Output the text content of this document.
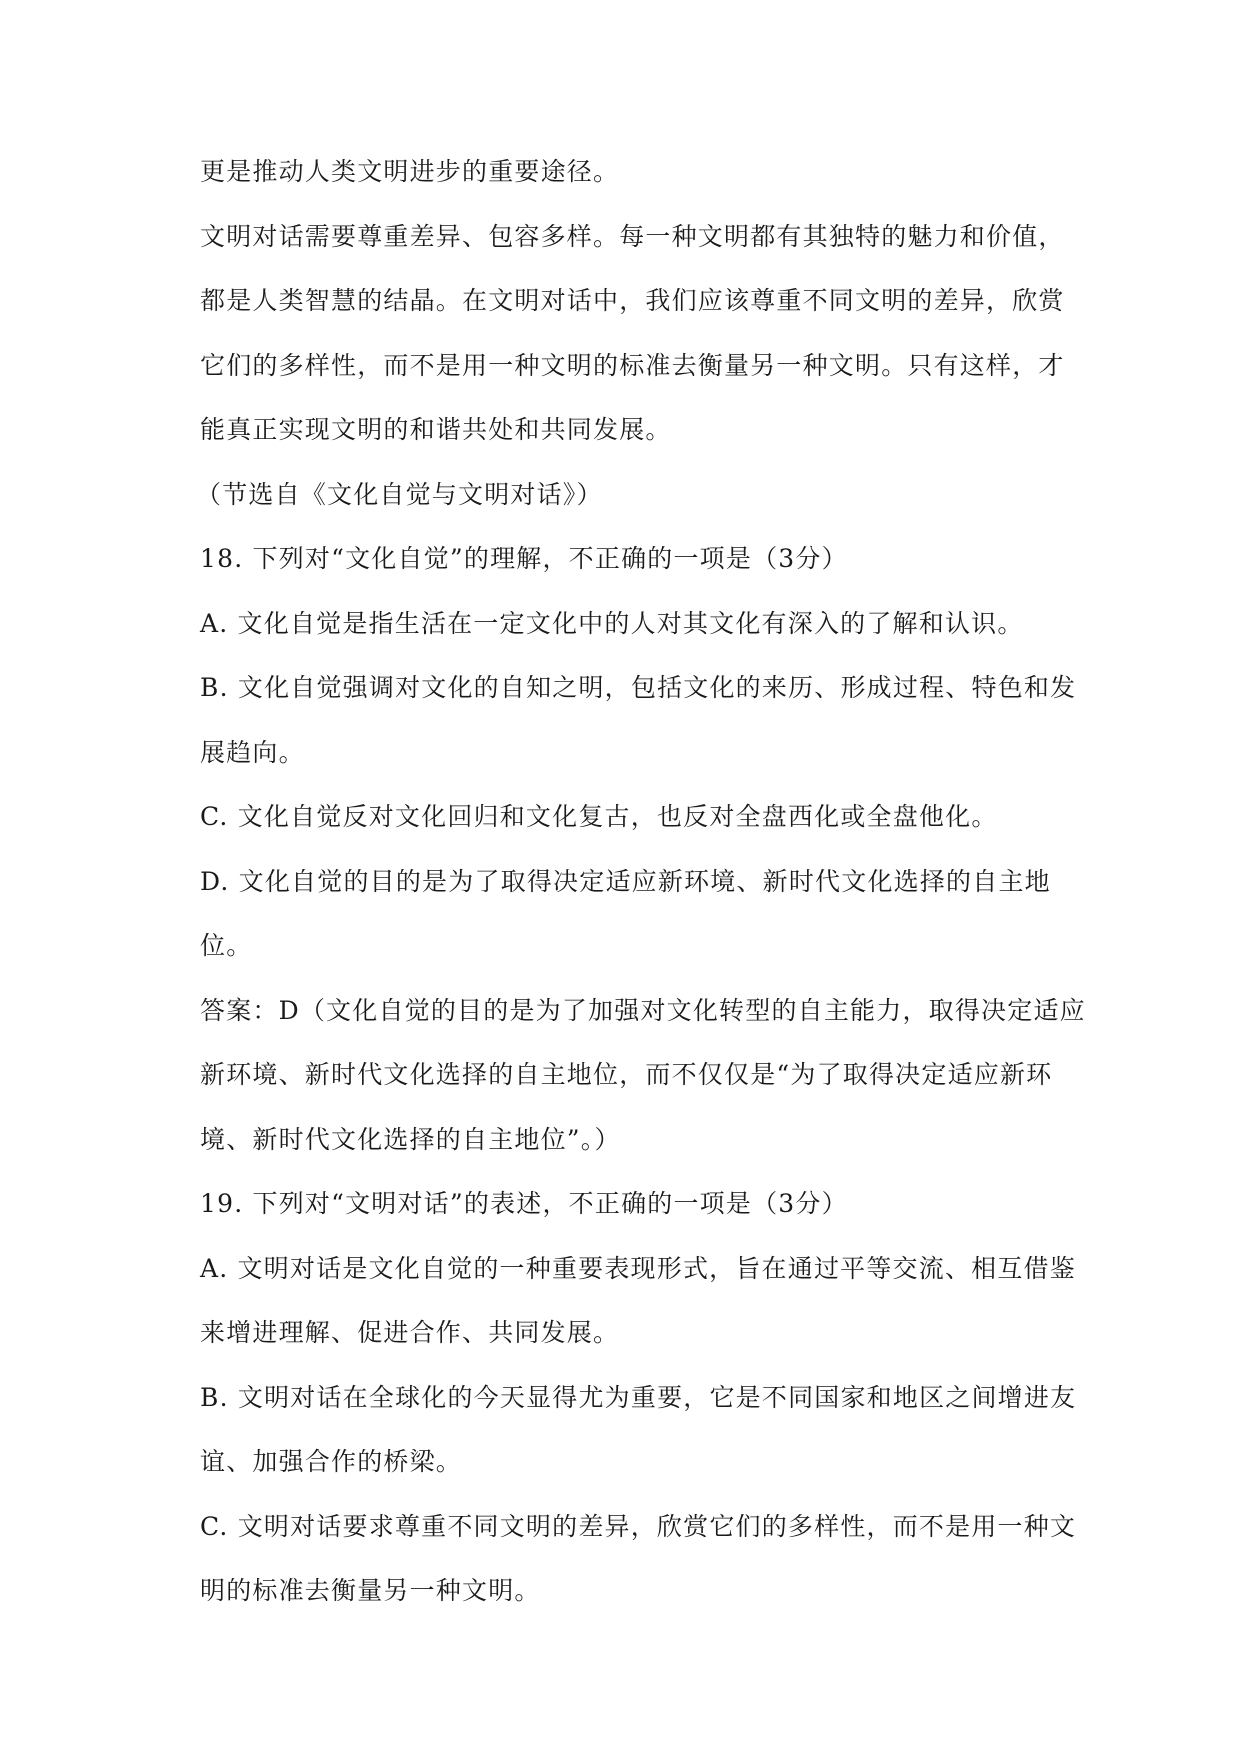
更是推动人类文明进步的重要途径。

文明对话需要尊重差异、包容多样。每一种文明都有其独特的魅力和价值，都是人类智慧的结晶。在文明对话中，我们应该尊重不同文明的差异，欣赏它们的多样性，而不是用一种文明的标准去衡量另一种文明。只有这样，才能真正实现文明的和谐共处和共同发展。

（节选自《文化自觉与文明对话》）

18. 下列对“文化自觉”的理解，不正确的一项是（3分）

A. 文化自觉是指生活在一定文化中的人对其文化有深入的了解和认识。

B. 文化自觉强调对文化的自知之明，包括文化的来历、形成过程、特色和发展趋向。

C. 文化自觉反对文化回归和文化复古，也反对全盘西化或全盘他化。

D. 文化自觉的目的是为了取得决定适应新环境、新时代文化选择的自主地位。

答案：D（文化自觉的目的是为了加强对文化转型的自主能力，取得决定适应新环境、新时代文化选择的自主地位，而不仅仅是“为了取得决定适应新环境、新时代文化选择的自主地位”。）

19. 下列对“文明对话”的表述，不正确的一项是（3分）

A. 文明对话是文化自觉的一种重要表现形式，旨在通过平等交流、相互借鉴来增进理解、促进合作、共同发展。

B. 文明对话在全球化的今天显得尤为重要，它是不同国家和地区之间增进友谊、加强合作的桥梁。

C. 文明对话要求尊重不同文明的差异，欣赏它们的多样性，而不是用一种文明的标准去衡量另一种文明。
